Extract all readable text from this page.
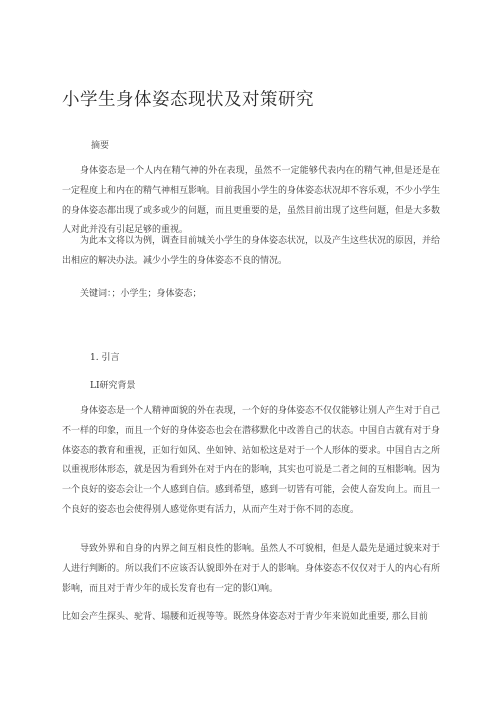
小学生身体姿态现状及对策研究
摘要
身体姿态是一个人内在精气神的外在表现，虽然不一定能够代表内在的精气神,但是还是在一定程度上和内在的精气神相互影响。目前我国小学生的身体姿态状况却不容乐观，不少小学生的身体姿态都出现了或多或少的问题，而且更重要的是，虽然目前出现了这些问题，但是大多数人对此并没有引起足够的重视。
为此本文将以为例，调查目前城关小学生的身体姿态状况，以及产生这些状况的原因，并给出相应的解决办法。减少小学生的身体姿态不良的情况。
关键词：；小学生；身体姿态；
1. 引言
LI研究背景
身体姿态是一个人精神面貌的外在表现，一个好的身体姿态不仅仅能够让别人产生对于自己不一样的印象，而且一个好的身体姿态也会在潜移默化中改善自己的状态。中国自古就有对于身体姿态的教育和重视，正如行如风、坐如钟、站如松这是对于一个人形体的要求。中国自古之所以重视形体形态，就是因为看到外在对于内在的影响，其实也可说是二者之间的互相影响。因为一个良好的姿态会让一个人感到自信。感到希望，感到一切皆有可能，会使人奋发向上。而且一个良好的姿态也会使得别人感觉你更有活力，从而产生对于你不同的态度。
导致外界和自身的内界之间互相良性的影响。虽然人不可貌相，但是人最先是通过貌来对于人进行判断的。所以我们不应该否认貌即外在对于人的影响。身体姿态不仅仅对于人的内心有所影响，而且对于青少年的成长发育也有一定的影⑴响。
比如会产生探头、驼背、塌腰和近视等等。既然身体姿态对于青少年来说如此重要, 那么目前
